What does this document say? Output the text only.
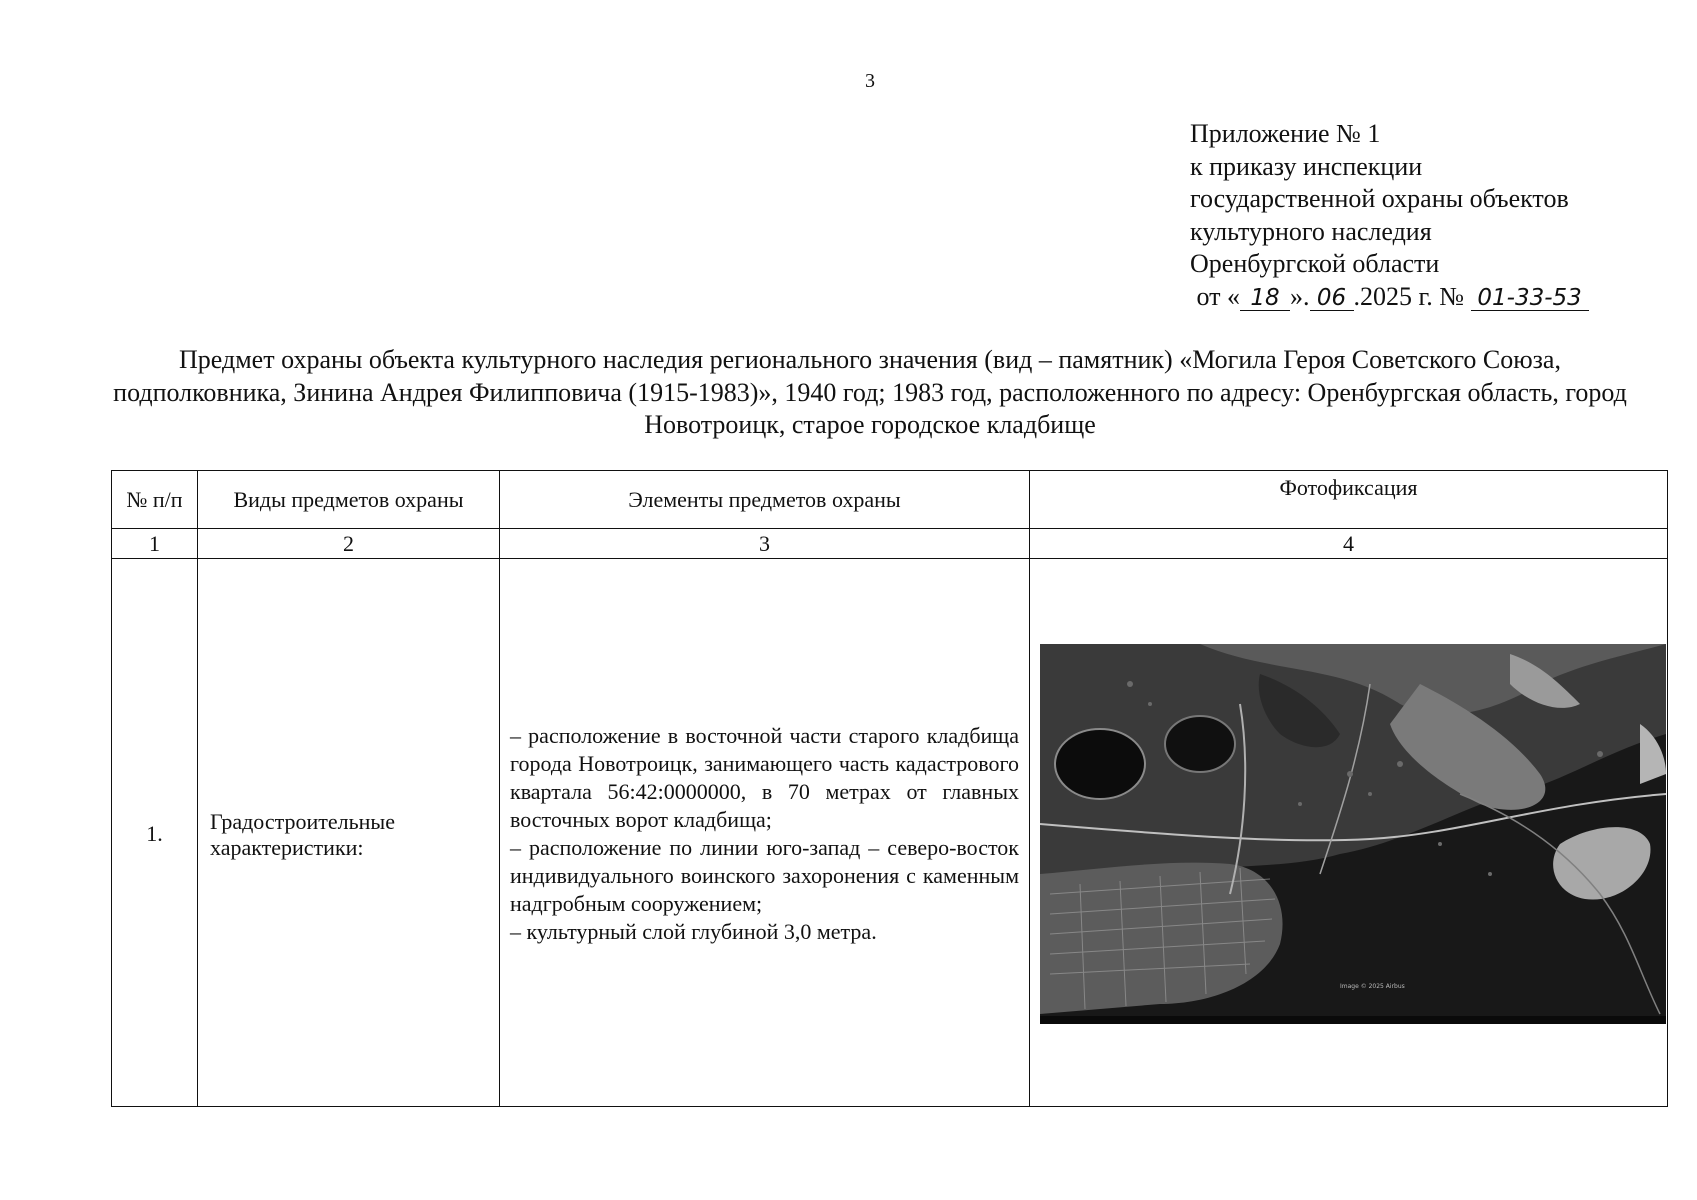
3
Приложение № 1
к приказу инспекции
государственной охраны объектов
культурного наследия
Оренбургской области
от « 18 ». 06 .2025 г. № 01-33-53
Предмет охраны объекта культурного наследия регионального значения (вид – памятник) «Могила Героя Советского Союза, подполковника, Зинина Андрея Филипповича (1915-1983)», 1940 год; 1983 год, расположенного по адресу: Оренбургская область, город Новотроицк, старое городское кладбище
№ п/п	Виды предметов охраны	Элементы предметов охраны	Фотофиксация
1	2	3	4
1.	Градостроительные характеристики:	– расположение в восточной части старого кладбища города Новотроицк, занимающего часть кадастрового квартала 56:42:0000000, в 70 метрах от главных восточных ворот кладбища;

– расположение по линии юго-запад – северо-восток индивидуального воинского захоронения с каменным надгробным сооружением;

– культурный слой глубиной 3,0 метра.	Image © 2025 Airbus
